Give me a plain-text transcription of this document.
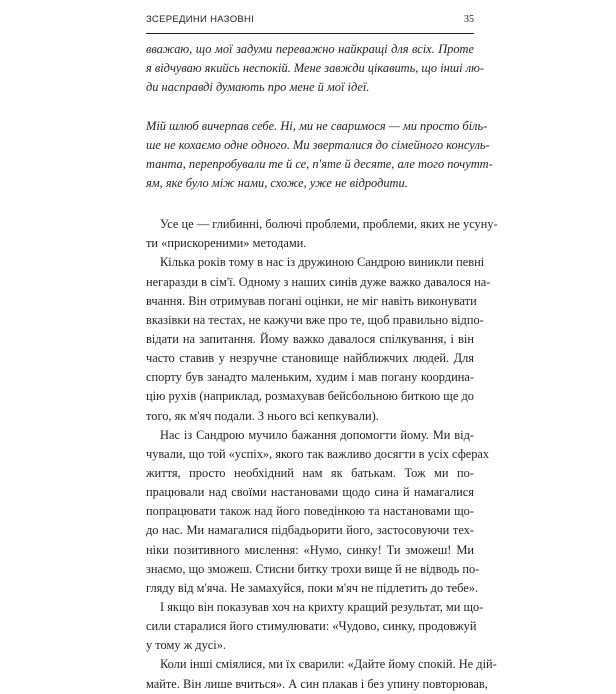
ЗСЕРЕДИНИ НАЗОВНІ	35
вважаю, що мої задуми переважно найкращі для всіх. Проте
я відчуваю якийсь неспокій. Мене завжди цікавить, що інші лю-
ди насправді думають про мене й мої ідеї.
Мій шлюб вичерпав себе. Ні, ми не сваримося — ми просто біль-
ше не кохаємо одне одного. Ми зверталися до сімейного консуль-
танта, перепробували те й се, п'яте й десяте, але того почутт-
ям, яке було між нами, схоже, уже не відродити.
Усе це — глибинні, болючі проблеми, проблеми, яких не усуну-
ти «прискореними» методами.
Кілька років тому в нас із дружиною Сандрою виникли певні
негаразди в сім'ї. Одному з наших синів дуже важко давалося на-
вчання. Він отримував погані оцінки, не міг навіть виконувати
вказівки на тестах, не кажучи вже про те, щоб правильно відпо-
відати на запитання. Йому важко давалося спілкування, і він
часто ставив у незручне становище найближчих людей. Для
спорту був занадто маленьким, худим і мав погану координа-
цію рухів (наприклад, розмахував бейсбольною биткою ще до
того, як м'яч подали. З нього всі кепкували).
Нас із Сандрою мучило бажання допомогти йому. Ми від-
чували, що той «успіх», якого так важливо досягти в усіх сферах
життя, просто необхідний нам як батькам. Тож ми по-
працювали над своїми настановами щодо сина й намагалися
попрацювати також над його поведінкою та настановами що-
до нас. Ми намагалися підбадьорити його, застосовуючи тех-
ніки позитивного мислення: «Нумо, синку! Ти зможеш! Ми
знаємо, що зможеш. Стисни битку трохи вище й не відводь по-
гляду від м'яча. Не замахуйся, поки м'яч не підлетить до тебе».
І якщо він показував хоч на крихту кращий результат, ми що-
сили старалися його стимулювати: «Чудово, синку, продовжуй
у тому ж дусі».
Коли інші сміялися, ми їх сварили: «Дайте йому спокій. Не дій-
майте. Він лише вчиться». А син плакав і без упину повторював,
